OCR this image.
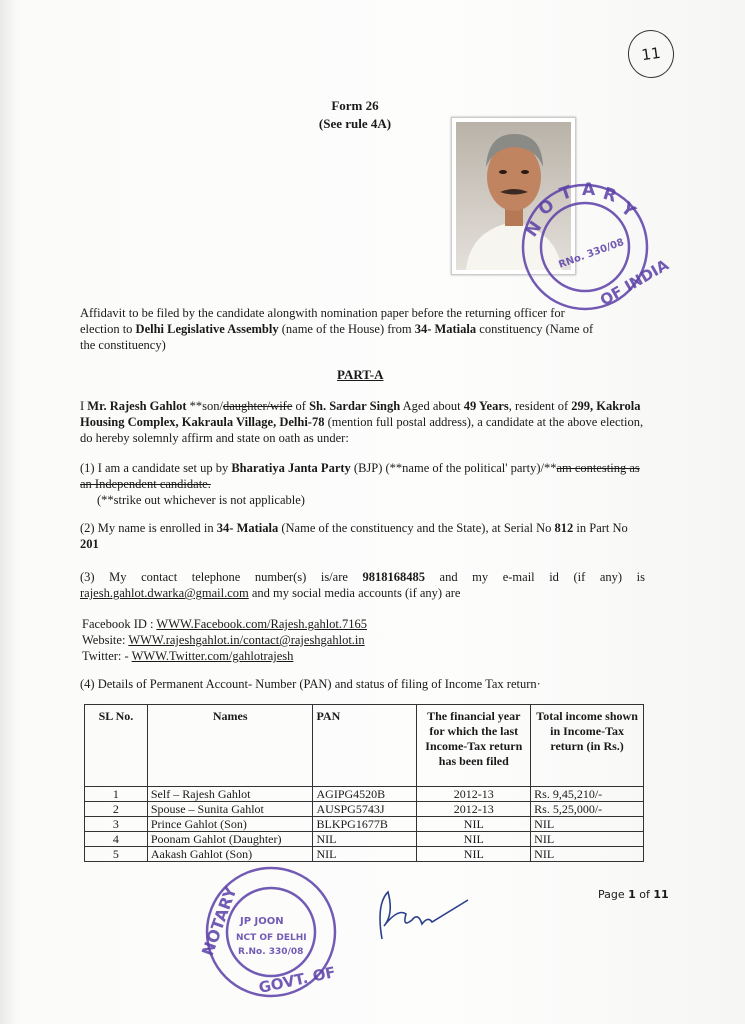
11
Form 26
(See rule 4A)
N
O
T A R
Y
OF INDIA
RNo. 330/08
Affidavit to be filed by the candidate alongwith nomination paper before the returning officer for
election to Delhi Legislative Assembly (name of the House) from 34- Matiala constituency (Name of
the constituency)
PART-A
I Mr. Rajesh Gahlot **son/daughter/wife of Sh. Sardar Singh Aged about 49 Years, resident of 299, Kakrola Housing Complex, Kakraula Village, Delhi-78 (mention full postal address), a candidate at the above election, do hereby solemnly affirm and state on oath as under:
(1) I am a candidate set up by Bharatiya Janta Party (BJP) (**name of the political' party)/**am contesting as an Independent candidate.
(**strike out whichever is not applicable)
(2) My name is enrolled in 34- Matiala (Name of the constituency and the State), at Serial No 812 in Part No 201
(3) My contact telephone number(s) is/are 9818168485 and my e-mail id (if any) is rajesh.gahlot.dwarka@gmail.com and my social media accounts (if any) are
Facebook ID : WWW.Facebook.com/Rajesh.gahlot.7165
Website: WWW.rajeshgahlot.in/contact@rajeshgahlot.in
Twitter: - WWW.Twitter.com/gahlotrajesh
(4) Details of Permanent Account- Number (PAN) and status of filing of Income Tax return·
SL No.	Names	PAN	The financial year for which the last Income-Tax return has been filed	Total income shown in Income-Tax return (in Rs.)
1	Self – Rajesh Gahlot	AGIPG4520B	2012-13	Rs. 9,45,210/-
2	Spouse – Sunita Gahlot	AUSPG5743J	2012-13	Rs. 5,25,000/-
3	Prince Gahlot (Son)	BLKPG1677B	NIL	NIL
4	Poonam Gahlot (Daughter)	NIL	NIL	NIL
5	Aakash Gahlot (Son)	NIL	NIL	NIL
NOTARY
GOVT. OF
JP JOON
NCT OF DELHI
R.No. 330/08
Page 1 of 11
